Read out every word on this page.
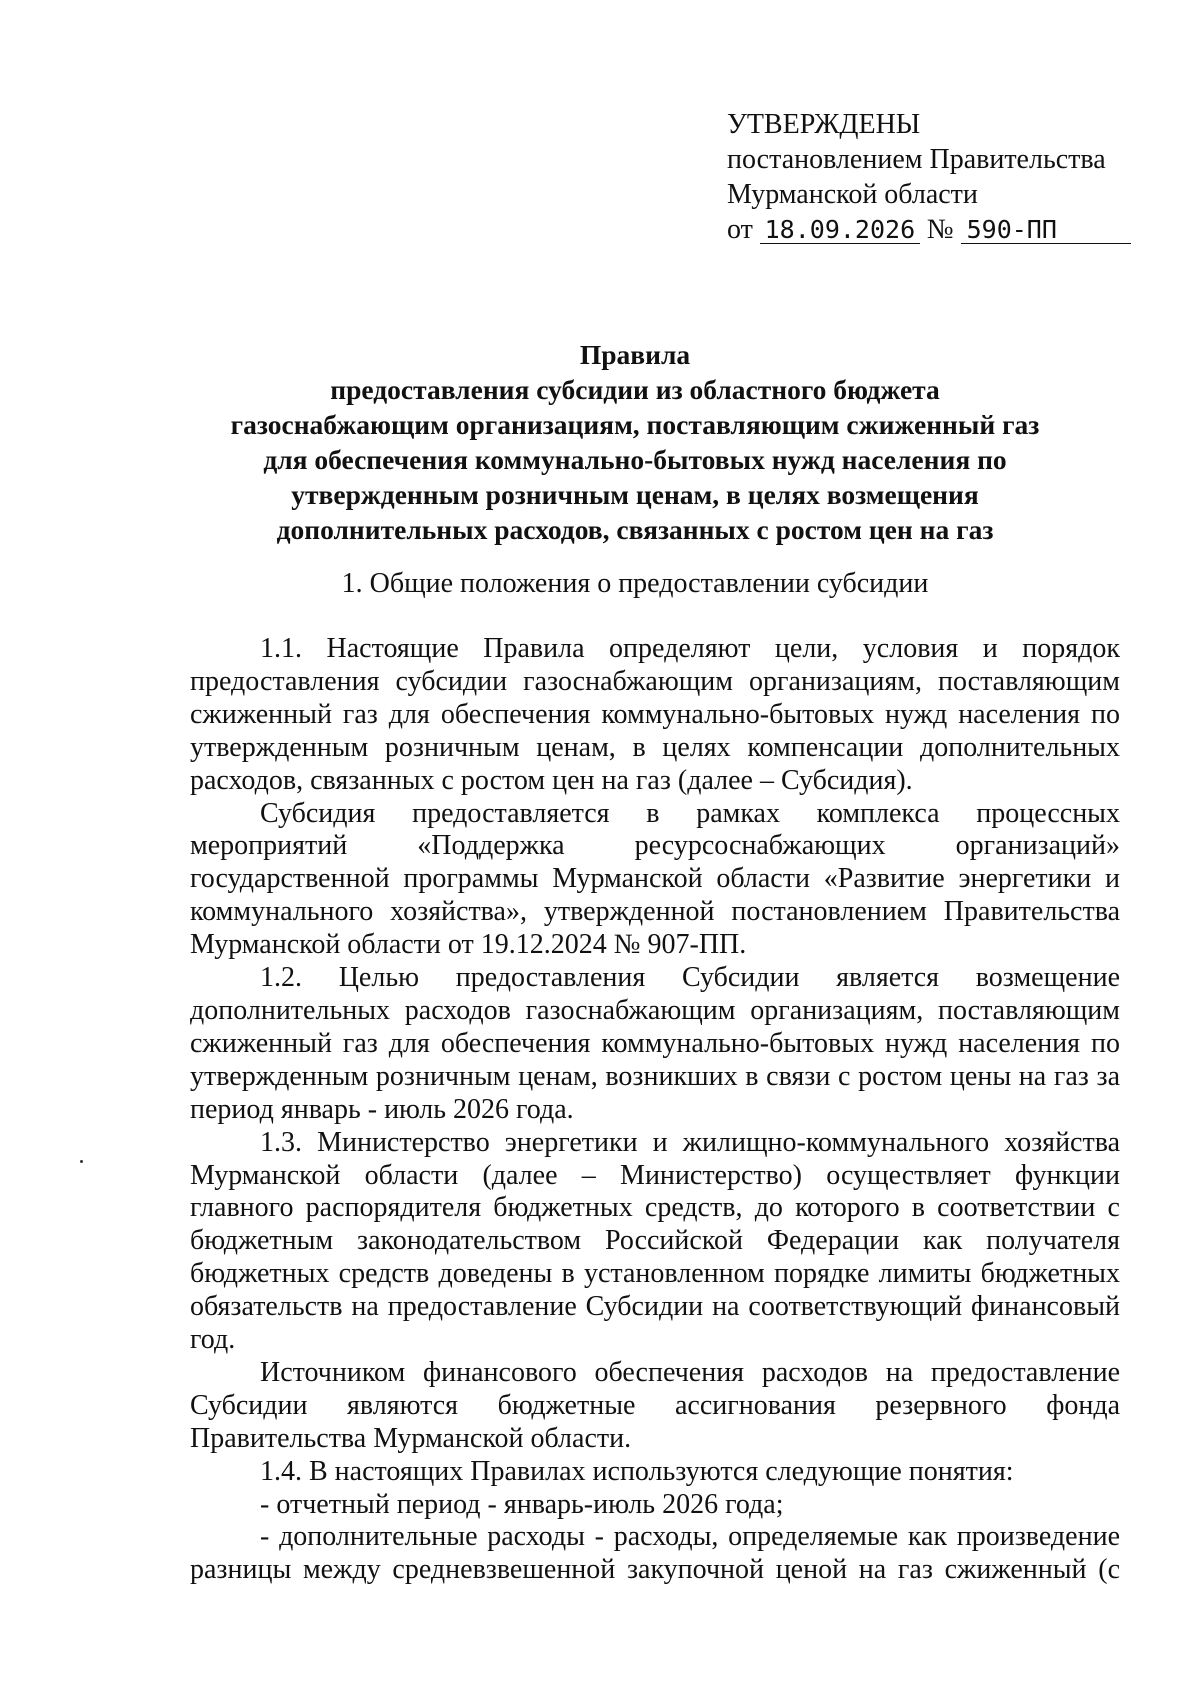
УТВЕРЖДЕНЫ
постановлением Правительства
Мурманской области
от 18.09.2026 № 590-ПП
Правила
предоставления субсидии из областного бюджета
газоснабжающим организациям, поставляющим сжиженный газ
для обеспечения коммунально-бытовых нужд населения по
утвержденным розничным ценам, в целях возмещения
дополнительных расходов, связанных с ростом цен на газ
1. Общие положения о предоставлении субсидии

1.1. Настоящие Правила определяют цели, условия и порядок предоставления субсидии газоснабжающим организациям, поставляющим сжиженный газ для обеспечения коммунально-бытовых нужд населения по утвержденным розничным ценам, в целях компенсации дополнительных расходов, связанных с ростом цен на газ (далее – Субсидия).

Субсидия предоставляется в рамках комплекса процессных мероприятий «Поддержка ресурсоснабжающих организаций» государственной программы Мурманской области «Развитие энергетики и коммунального хозяйства», утвержденной постановлением Правительства Мурманской области от 19.12.2024 № 907-ПП.

1.2. Целью предоставления Субсидии является возмещение дополнительных расходов газоснабжающим организациям, поставляющим сжиженный газ для обеспечения коммунально-бытовых нужд населения по утвержденным розничным ценам, возникших в связи с ростом цены на газ за период январь - июль 2026 года.

1.3. Министерство энергетики и жилищно-коммунального хозяйства Мурманской области (далее – Министерство) осуществляет функции главного распорядителя бюджетных средств, до которого в соответствии с бюджетным законодательством Российской Федерации как получателя бюджетных средств доведены в установленном порядке лимиты бюджетных обязательств на предоставление Субсидии на соответствующий финансовый год.

Источником финансового обеспечения расходов на предоставление Субсидии являются бюджетные ассигнования резервного фонда Правительства Мурманской области.

1.4. В настоящих Правилах используются следующие понятия:

- отчетный период - январь-июль 2026 года;

- дополнительные расходы - расходы, определяемые как произведение разницы между средневзвешенной закупочной ценой на газ сжиженный (с
